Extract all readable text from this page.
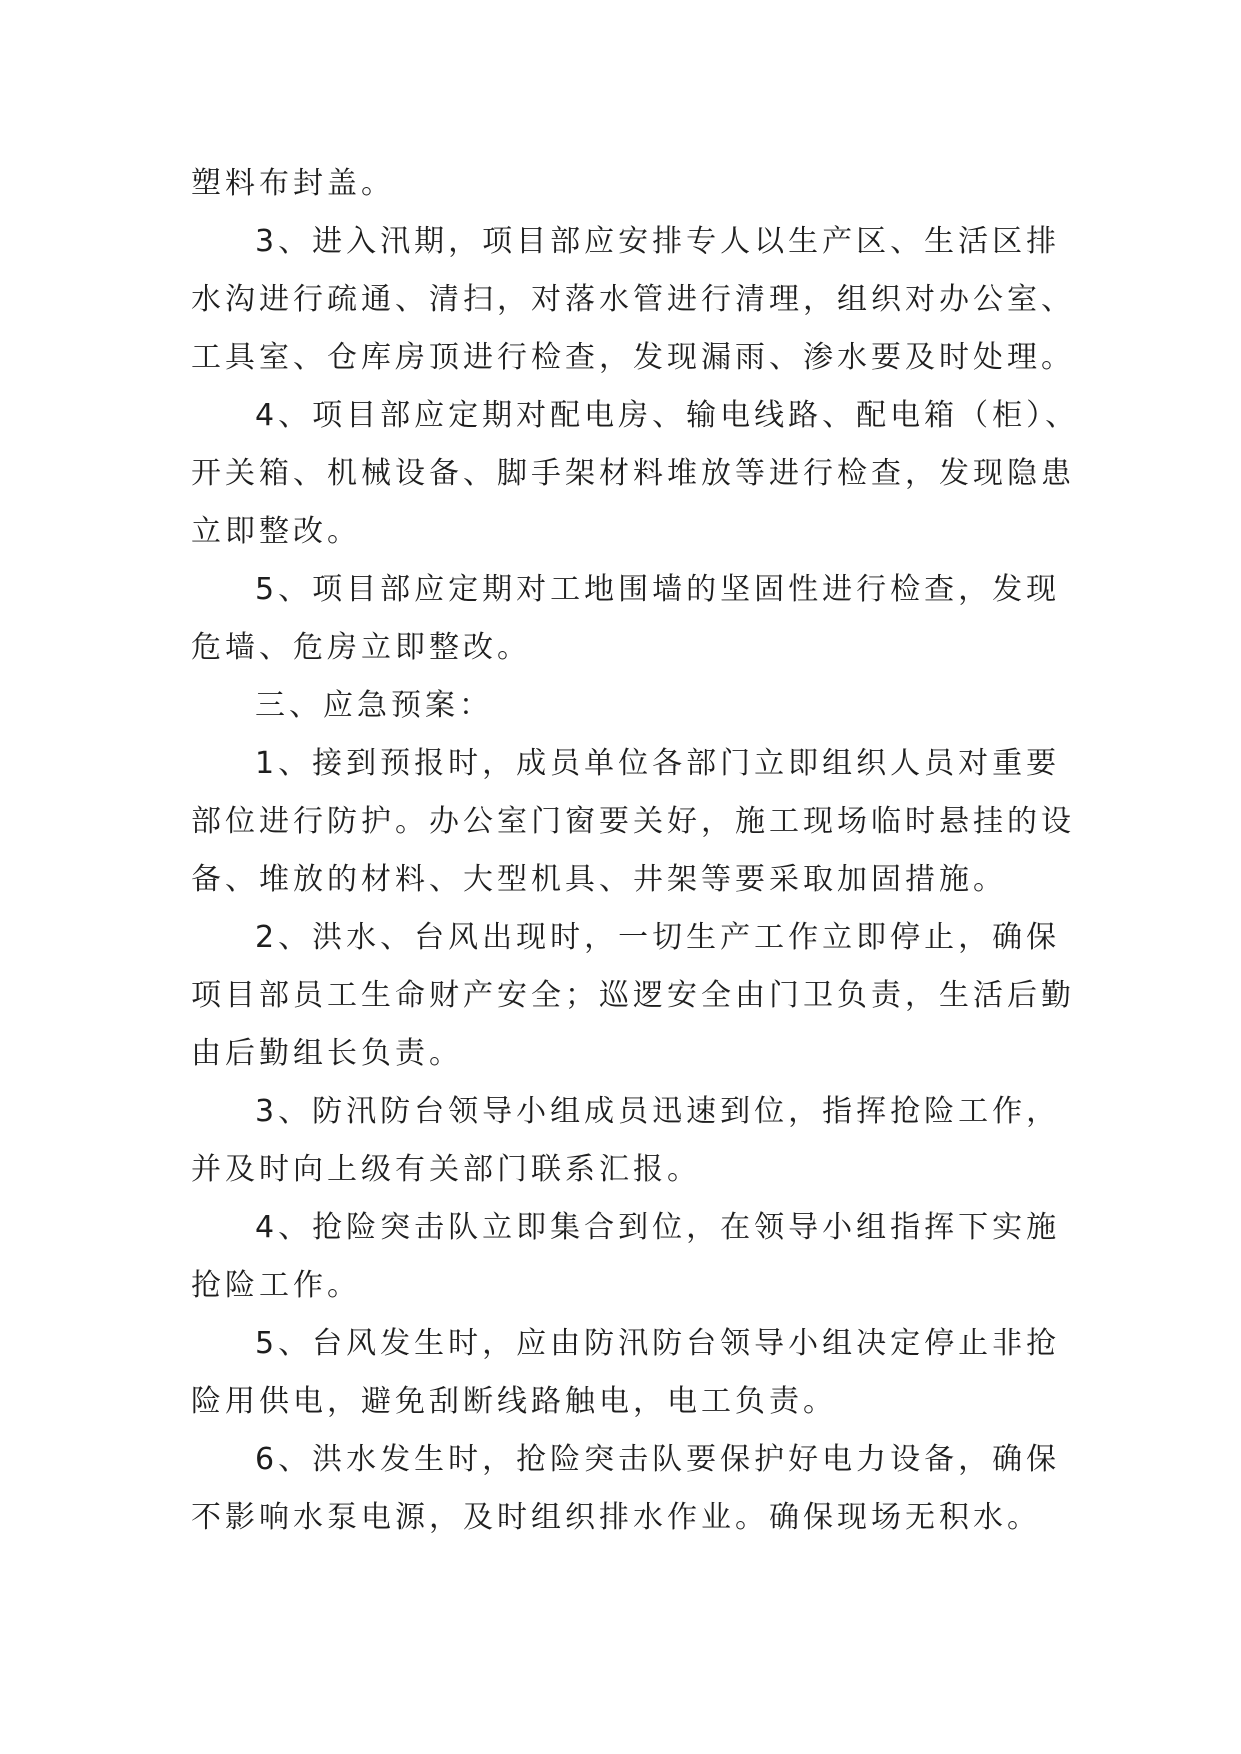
塑料布封盖。
3、进入汛期，项目部应安排专人以生产区、生活区排
水沟进行疏通、清扫，对落水管进行清理，组织对办公室、
工具室、仓库房顶进行检查，发现漏雨、渗水要及时处理。
4、项目部应定期对配电房、输电线路、配电箱（柜）、
开关箱、机械设备、脚手架材料堆放等进行检查，发现隐患
立即整改。
5、项目部应定期对工地围墙的坚固性进行检查，发现
危墙、危房立即整改。
三、应急预案：
1、接到预报时，成员单位各部门立即组织人员对重要
部位进行防护。办公室门窗要关好，施工现场临时悬挂的设
备、堆放的材料、大型机具、井架等要采取加固措施。
2、洪水、台风出现时，一切生产工作立即停止，确保
项目部员工生命财产安全；巡逻安全由门卫负责，生活后勤
由后勤组长负责。
3、防汛防台领导小组成员迅速到位，指挥抢险工作，
并及时向上级有关部门联系汇报。
4、抢险突击队立即集合到位，在领导小组指挥下实施
抢险工作。
5、台风发生时，应由防汛防台领导小组决定停止非抢
险用供电，避免刮断线路触电，电工负责。
6、洪水发生时，抢险突击队要保护好电力设备，确保
不影响水泵电源，及时组织排水作业。确保现场无积水。
